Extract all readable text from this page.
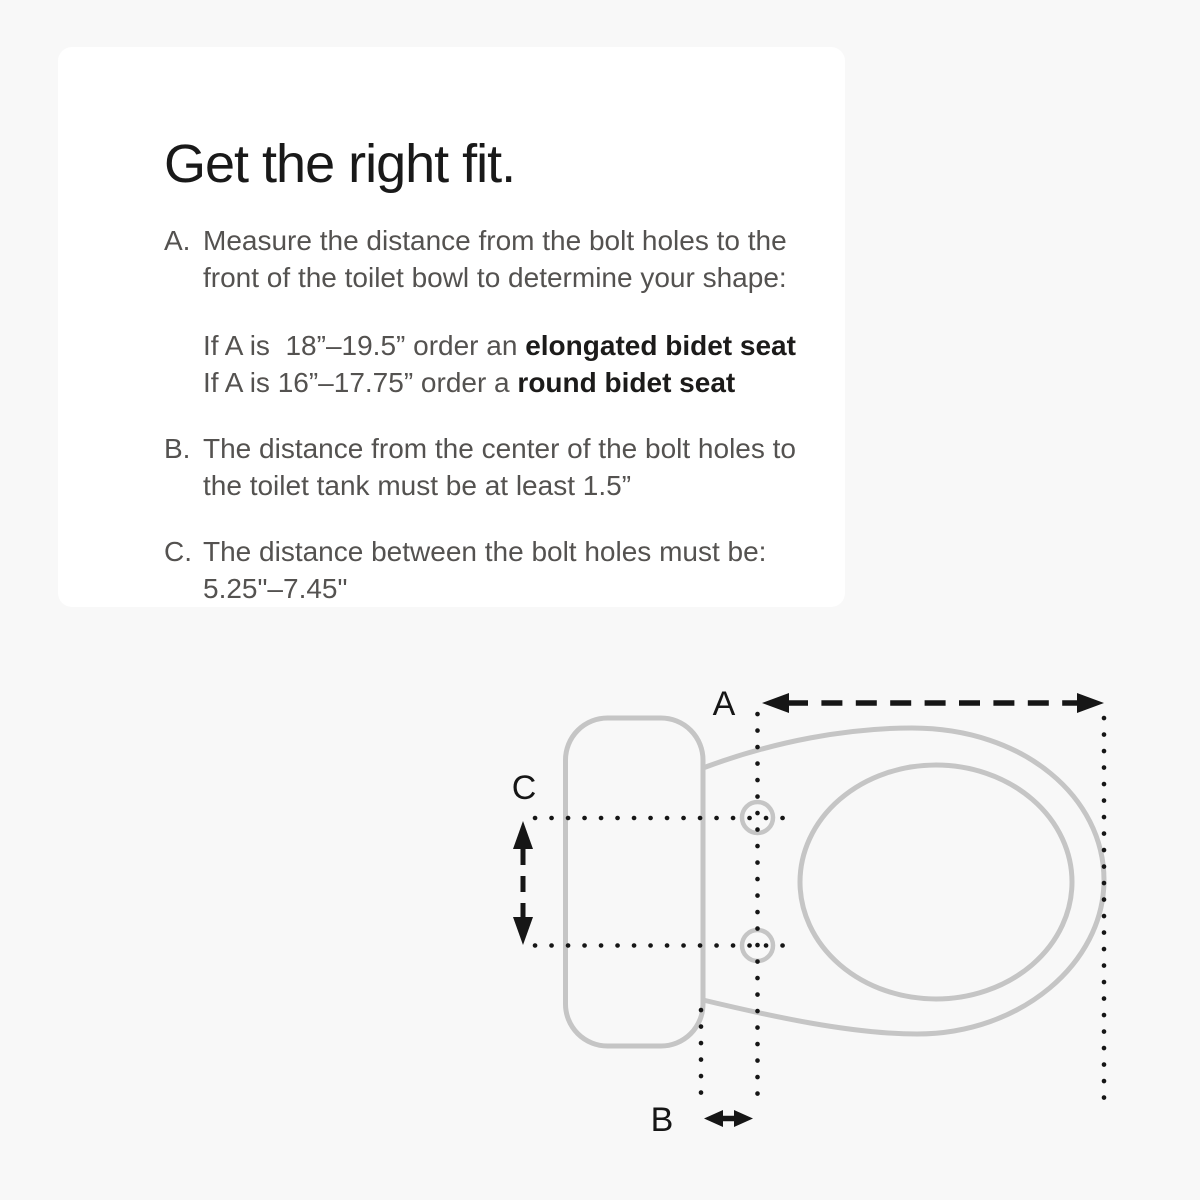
Get the right fit.
A. Measure the distance from the bolt holes to the
front of the toilet bowl to determine your shape:
If A is  18”–19.5” order an elongated bidet seat
If A is 16”–17.75” order a round bidet seat
B. The distance from the center of the bolt holes to
the toilet tank must be at least 1.5”
C. The distance between the bolt holes must be:
5.25"–7.45"
A
B
C
